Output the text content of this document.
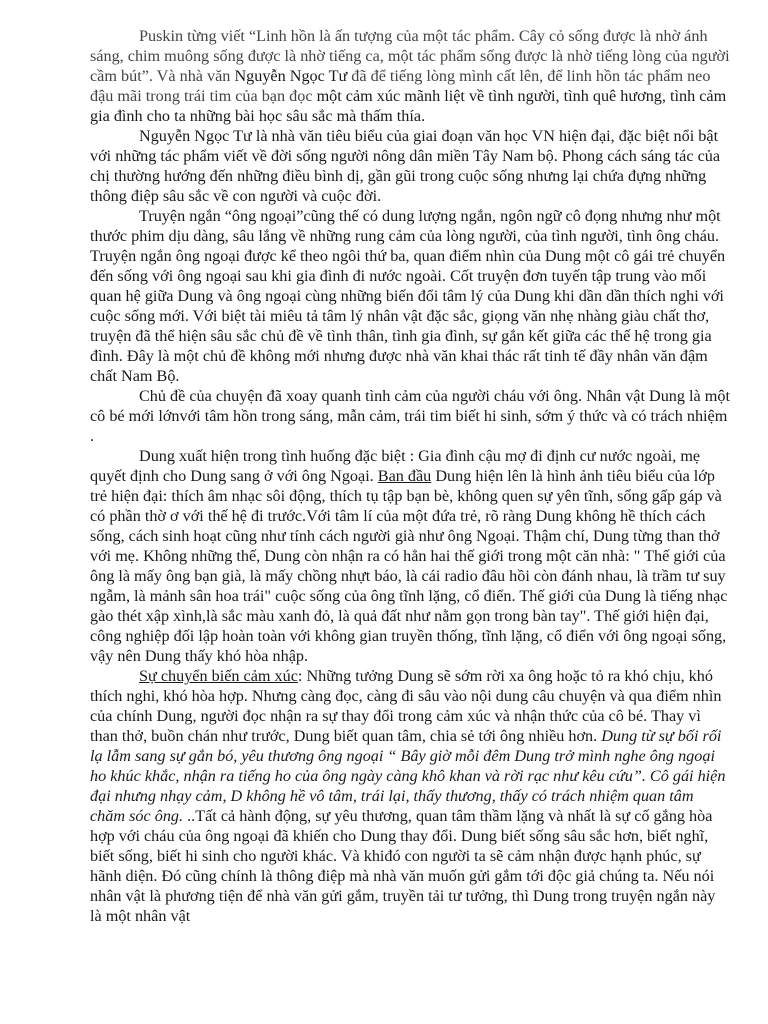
Puskin từng viết “Linh hồn là ấn tượng của một tác phẩm. Cây cỏ sống được là nhờ ánh sáng, chim muông sống được là nhờ tiếng ca, một tác phẩm sống được là nhờ tiếng lòng của người cầm bút”. Và nhà văn Nguyễn Ngọc Tư đã để tiếng lòng mình cất lên, để linh hồn tác phẩm neo đậu mãi trong trái tim của bạn đọc một cảm xúc mãnh liệt về tình người, tình quê hương, tình cảm gia đình cho ta những bài học sâu sắc mà thấm thía.

Nguyễn Ngọc Tư là nhà văn tiêu biểu của giai đoạn văn học VN hiện đại, đặc biệt nổi bật với những tác phẩm viết về đời sống người nông dân miền Tây Nam bộ. Phong cách sáng tác của chị thường hướng đến những điều bình dị, gần gũi trong cuộc sống nhưng lại chứa đựng những thông điệp sâu sắc về con người và cuộc đời.

Truyện ngắn “ông ngoại”cũng thế có dung lượng ngắn, ngôn ngữ cô đọng nhưng như một thước phim dịu dàng, sâu lắng về những rung cảm của lòng người, của tình người, tình ông cháu. Truyện ngắn ông ngoại được kể theo ngôi thứ ba, quan điểm nhìn của Dung một cô gái trẻ chuyển đến sống với ông ngoại sau khi gia đình đi nước ngoài. Cốt truyện đơn tuyến tập trung vào mối quan hệ giữa Dung và ông ngoại cùng những biến đổi tâm lý của Dung khi dần dần thích nghi với cuộc sống mới. Với biệt tài miêu tả tâm lý nhân vật đặc sắc, giọng văn nhẹ nhàng giàu chất thơ, truyện đã thể hiện sâu sắc chủ đề về tình thân, tình gia đình, sự gắn kết giữa các thế hệ trong gia đình. Đây là một chủ đề không mới nhưng được nhà văn khai thác rất tinh tế đầy nhân văn đậm chất Nam Bộ.

Chủ đề của chuyện đã xoay quanh tình cảm của người cháu với ông. Nhân vật Dung là một cô bé mới lớnvới tâm hồn trong sáng, mẫn cảm, trái tim biết hi sinh, sớm ý thức và có trách nhiệm .

Dung xuất hiện trong tình huống đặc biệt : Gia đình cậu mợ đi định cư nước ngoài, mẹ quyết định cho Dung sang ở với ông Ngoại. Ban đầu Dung hiện lên là hình ảnh tiêu biểu của lớp trẻ hiện đại: thích âm nhạc sôi động, thích tụ tập bạn bè, không quen sự yên tĩnh, sống gấp gáp và có phần thờ ơ với thế hệ đi trước.Với tâm lí của một đứa trẻ, rõ ràng Dung không hề thích cách sống, cách sinh hoạt cũng như tính cách người già như ông Ngoại. Thậm chí, Dung từng than thở với mẹ. Không những thế, Dung còn nhận ra có hẳn hai thế giới trong một căn nhà: " Thế giới của ông là mấy ông bạn già, là mấy chồng nhựt báo, là cái radio đâu hồi còn đánh nhau, là trầm tư suy ngẫm, là mảnh sân hoa trái" cuộc sống của ông tĩnh lặng, cổ điển. Thế giới của Dung là tiếng nhạc gào thét xập xình,là sắc màu xanh đỏ, là quả đất như nằm gọn trong bàn tay". Thế giới hiện đại, công nghiệp đối lập hoàn toàn với không gian truyền thống, tĩnh lặng, cổ điển với ông ngoại sống, vậy nên Dung thấy khó hòa nhập.

Sự chuyển biến cảm xúc: Những tưởng Dung sẽ sớm rời xa ông hoặc tỏ ra khó chịu, khó thích nghi, khó hòa hợp. Nhưng càng đọc, càng đi sâu vào nội dung câu chuyện và qua điểm nhìn của chính Dung, người đọc nhận ra sự thay đổi trong cảm xúc và nhận thức của cô bé. Thay vì than thở, buồn chán như trước, Dung biết quan tâm, chia sẻ tới ông nhiều hơn. Dung từ sự bối rối lạ lẫm sang sự gắn bó, yêu thương ông ngoại “ Bây giờ mỗi đêm Dung trở mình nghe ông ngoại ho khúc khắc, nhận ra tiếng ho của ông ngày càng khô khan và rời rạc như kêu cứu”. Cô gái hiện đại nhưng nhạy cảm, D không hề vô tâm, trái lại, thấy thương, thấy có trách nhiệm quan tâm chăm sóc ông. ..Tất cả hành động, sự yêu thương, quan tâm thầm lặng và nhất là sự cố gắng hòa hợp với cháu của ông ngoại đã khiến cho Dung thay đổi. Dung biết sống sâu sắc hơn, biết nghĩ, biết sống, biết hi sinh cho người khác. Và khiđó con người ta sẽ cảm nhận được hạnh phúc, sự hãnh diện. Đó cũng chính là thông điệp mà nhà văn muốn gửi gắm tới độc giả chúng ta. Nếu nói nhân vật là phương tiện để nhà văn gửi gắm, truyền tải tư tưởng, thì Dung trong truyện ngắn này là một nhân vật
